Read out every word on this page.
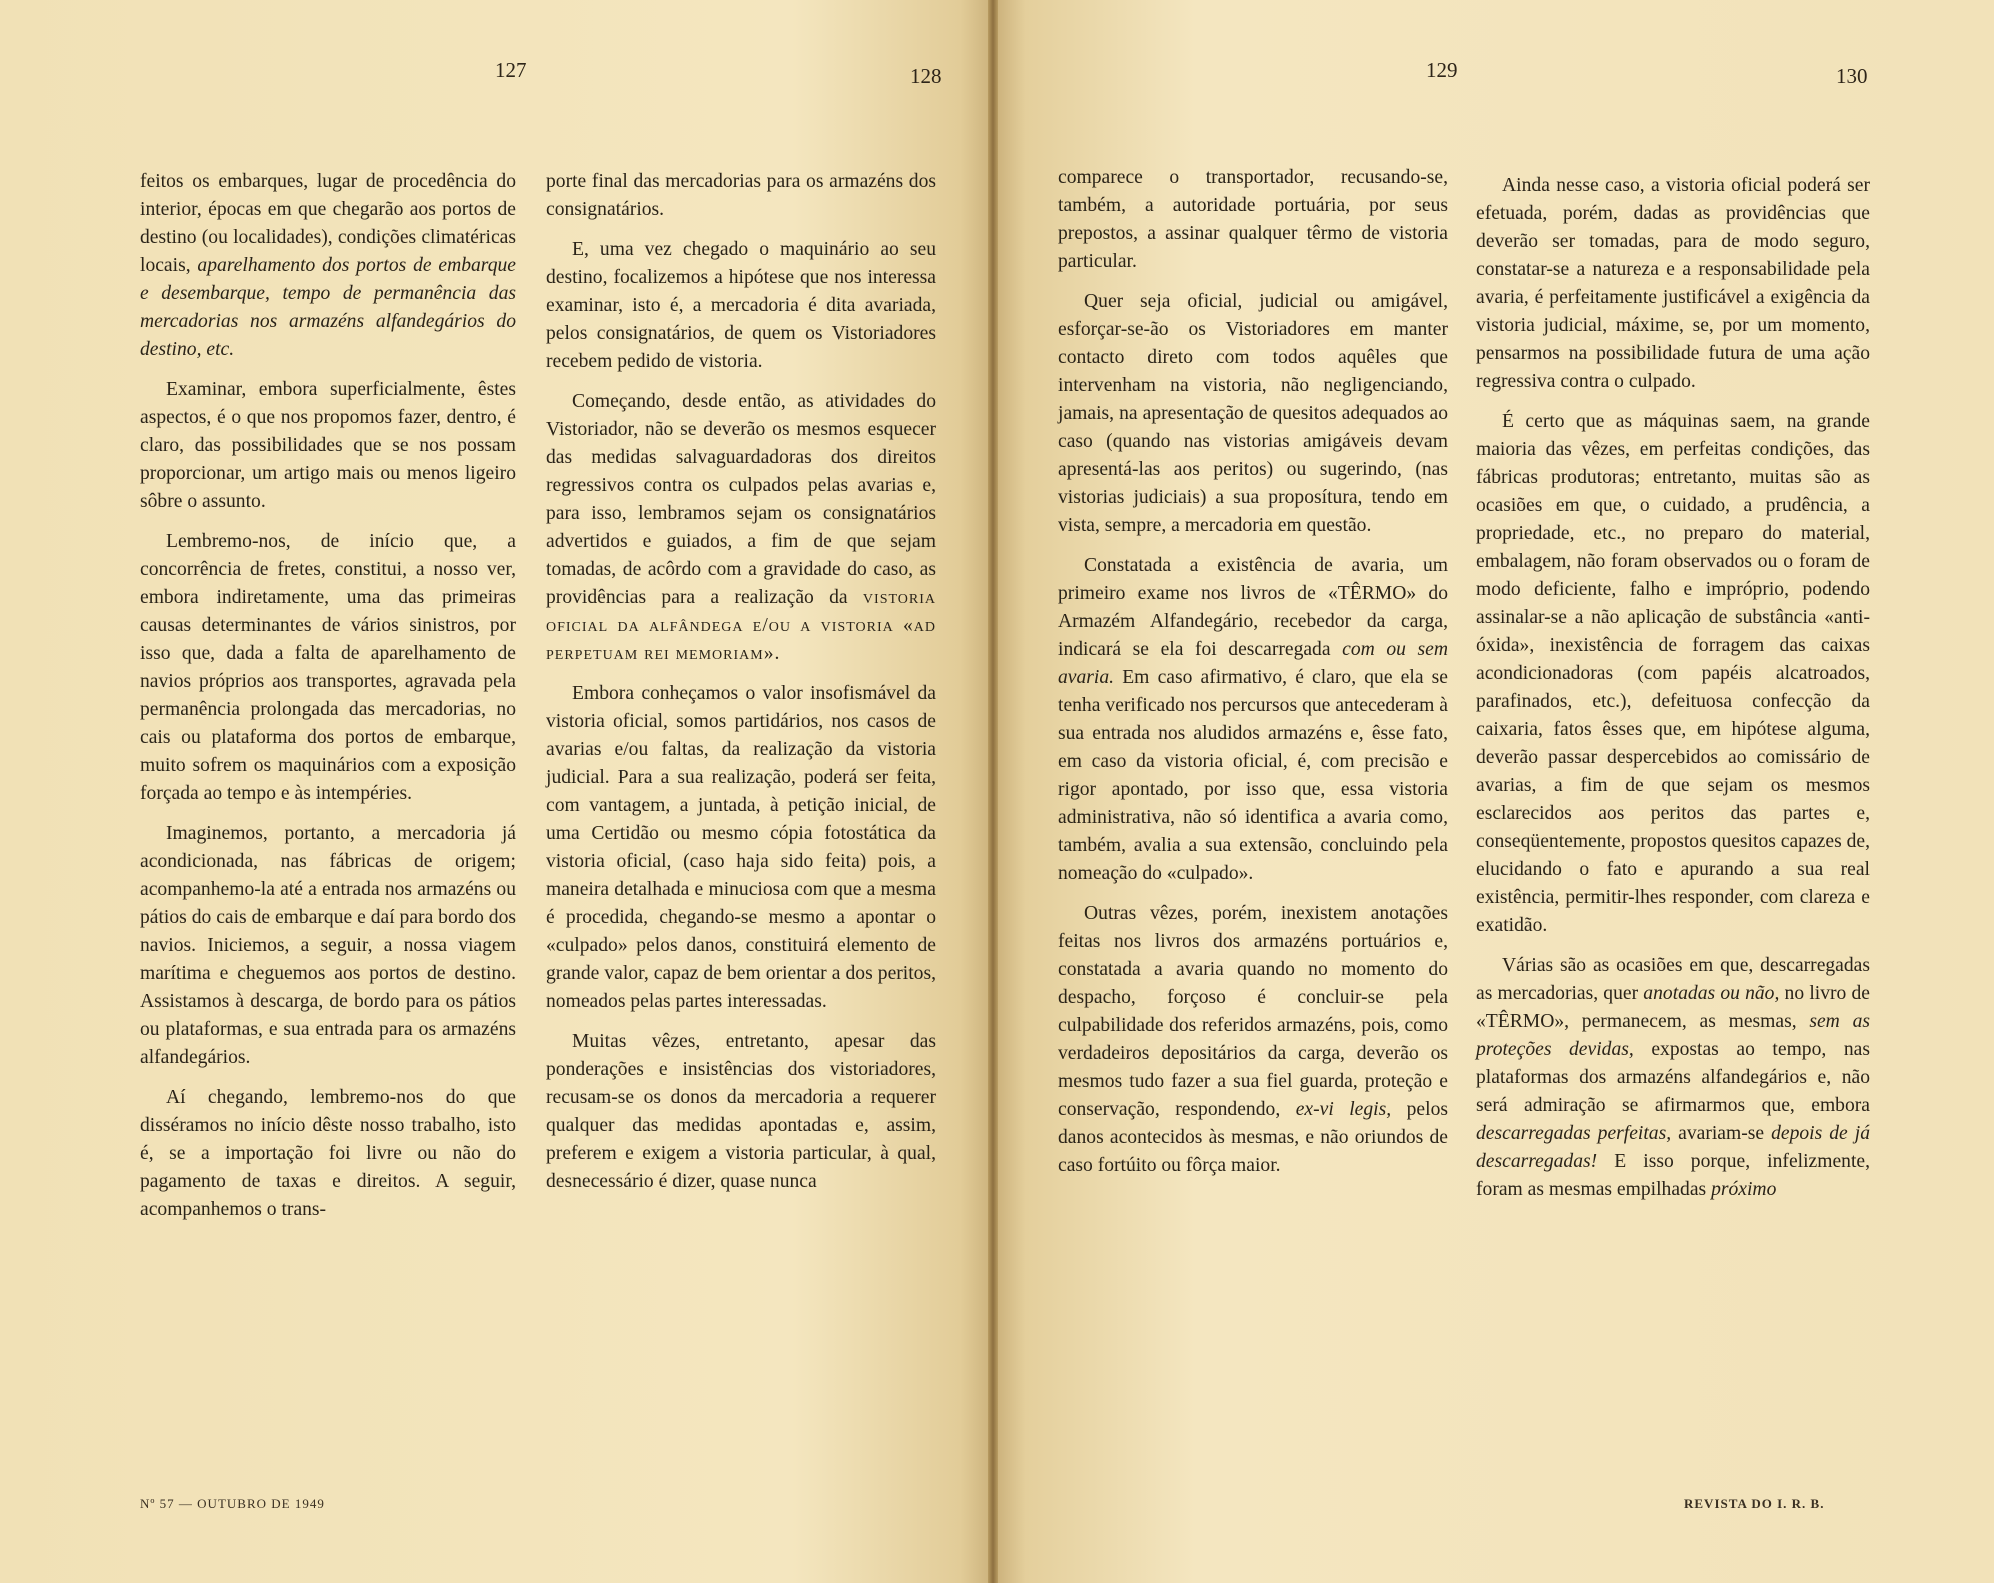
127	128	129	130

feitos os embarques, lugar de procedência do interior, épocas em que chegarão aos portos de destino (ou localidades), condições climatéricas locais, aparelhamento dos portos de embarque e desembarque, tempo de permanência das mercadorias nos armazéns alfandegários do destino, etc.

Examinar, embora superficialmente, êstes aspectos, é o que nos propomos fazer, dentro, é claro, das possibilidades que se nos possam proporcionar, um artigo mais ou menos ligeiro sôbre o assunto.

Lembremo-nos, de início que, a concorrência de fretes, constitui, a nosso ver, embora indiretamente, uma das primeiras causas determinantes de vários sinistros, por isso que, dada a falta de aparelhamento de navios próprios aos transportes, agravada pela permanência prolongada das mercadorias, no cais ou plataforma dos portos de embarque, muito sofrem os maquinários com a exposição forçada ao tempo e às intempéries.

Imaginemos, portanto, a mercadoria já acondicionada, nas fábricas de origem; acompanhemo-la até a entrada nos armazéns ou pátios do cais de embarque e daí para bordo dos navios. Iniciemos, a seguir, a nossa viagem marítima e cheguemos aos portos de destino. Assistamos à descarga, de bordo para os pátios ou plataformas, e sua entrada para os armazéns alfandegários.

Aí chegando, lembremo-nos do que disséramos no início dêste nosso trabalho, isto é, se a importação foi livre ou não do pagamento de taxas e direitos. A seguir, acompanhemos o trans-

porte final das mercadorias para os armazéns dos consignatários.

E, uma vez chegado o maquinário ao seu destino, focalizemos a hipótese que nos interessa examinar, isto é, a mercadoria é dita avariada, pelos consignatários, de quem os Vistoriadores recebem pedido de vistoria.

Começando, desde então, as atividades do Vistoriador, não se deverão os mesmos esquecer das medidas salvaguardadoras dos direitos regressivos contra os culpados pelas avarias e, para isso, lembramos sejam os consignatários advertidos e guiados, a fim de que sejam tomadas, de acôrdo com a gravidade do caso, as providências para a realização da vistoria oficial da alfândega e/ou a vistoria «ad perpetuam rei memoriam».

Embora conheçamos o valor insofismável da vistoria oficial, somos partidários, nos casos de avarias e/ou faltas, da realização da vistoria judicial. Para a sua realização, poderá ser feita, com vantagem, a juntada, à petição inicial, de uma Certidão ou mesmo cópia fotostática da vistoria oficial, (caso haja sido feita) pois, a maneira detalhada e minuciosa com que a mesma é procedida, chegando-se mesmo a apontar o «culpado» pelos danos, constituirá elemento de grande valor, capaz de bem orientar a dos peritos, nomeados pelas partes interessadas.

Muitas vêzes, entretanto, apesar das ponderações e insistências dos vistoriadores, recusam-se os donos da mercadoria a requerer qualquer das medidas apontadas e, assim, preferem e exigem a vistoria particular, à qual, desnecessário é dizer, quase nunca

comparece o transportador, recusando-se, também, a autoridade portuária, por seus prepostos, a assinar qualquer têrmo de vistoria particular.

Quer seja oficial, judicial ou amigável, esforçar-se-ão os Vistoriadores em manter contacto direto com todos aquêles que intervenham na vistoria, não negligenciando, jamais, na apresentação de quesitos adequados ao caso (quando nas vistorias amigáveis devam apresentá-las aos peritos) ou sugerindo, (nas vistorias judiciais) a sua proposítura, tendo em vista, sempre, a mercadoria em questão.

Constatada a existência de avaria, um primeiro exame nos livros de «TÊRMO» do Armazém Alfandegário, recebedor da carga, indicará se ela foi descarregada com ou sem avaria. Em caso afirmativo, é claro, que ela se tenha verificado nos percursos que antecederam à sua entrada nos aludidos armazéns e, êsse fato, em caso da vistoria oficial, é, com precisão e rigor apontado, por isso que, essa vistoria administrativa, não só identifica a avaria como, também, avalia a sua extensão, concluindo pela nomeação do «culpado».

Outras vêzes, porém, inexistem anotações feitas nos livros dos armazéns portuários e, constatada a avaria quando no momento do despacho, forçoso é concluir-se pela culpabilidade dos referidos armazéns, pois, como verdadeiros depositários da carga, deverão os mesmos tudo fazer a sua fiel guarda, proteção e conservação, respondendo, ex-vi legis, pelos danos acontecidos às mesmas, e não oriundos de caso fortúito ou fôrça maior.

Ainda nesse caso, a vistoria oficial poderá ser efetuada, porém, dadas as providências que deverão ser tomadas, para de modo seguro, constatar-se a natureza e a responsabilidade pela avaria, é perfeitamente justificável a exigência da vistoria judicial, máxime, se, por um momento, pensarmos na possibilidade futura de uma ação regressiva contra o culpado.

É certo que as máquinas saem, na grande maioria das vêzes, em perfeitas condições, das fábricas produtoras; entretanto, muitas são as ocasiões em que, o cuidado, a prudência, a propriedade, etc., no preparo do material, embalagem, não foram observados ou o foram de modo deficiente, falho e impróprio, podendo assinalar-se a não aplicação de substância «anti-óxida», inexistência de forragem das caixas acondicionadoras (com papéis alcatroados, parafinados, etc.), defeituosa confecção da caixaria, fatos êsses que, em hipótese alguma, deverão passar despercebidos ao comissário de avarias, a fim de que sejam os mesmos esclarecidos aos peritos das partes e, conseqüentemente, propostos quesitos capazes de, elucidando o fato e apurando a sua real existência, permitir-lhes responder, com clareza e exatidão.

Várias são as ocasiões em que, descarregadas as mercadorias, quer anotadas ou não, no livro de «TÊRMO», permanecem, as mesmas, sem as proteções devidas, expostas ao tempo, nas plataformas dos armazéns alfandegários e, não será admiração se afirmarmos que, embora descarregadas perfeitas, avariam-se depois de já descarregadas! E isso porque, infelizmente, foram as mesmas empilhadas próximo

Nº 57 — OUTUBRO DE 1949	REVISTA DO I. R. B.
